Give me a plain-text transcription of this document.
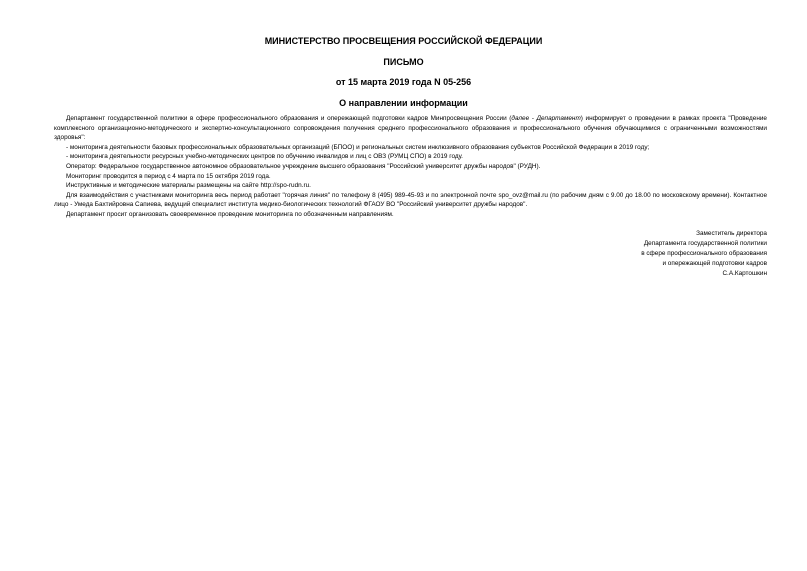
МИНИСТЕРСТВО ПРОСВЕЩЕНИЯ РОССИЙСКОЙ ФЕДЕРАЦИИ
ПИСЬМО
от 15 марта 2019 года N 05-256
О направлении информации

Департамент государственной политики в сфере профессионального образования и опережающей подготовки кадров Минпросвещения России (далее - Департамент) информирует о проведении в рамках проекта "Проведение комплексного организационно-методического и экспертно-консультационного сопровождения получения среднего профессионального образования и профессионального обучения обучающимися с ограниченными возможностями здоровья":

- мониторинга деятельности базовых профессиональных образовательных организаций (БПОО) и региональных систем инклюзивного образования субъектов Российской Федерации в 2019 году;

- мониторинга деятельности ресурсных учебно-методических центров по обучению инвалидов и лиц с ОВЗ (РУМЦ СПО) в 2019 году.

Оператор: Федеральное государственное автономное образовательное учреждение высшего образования "Российский университет дружбы народов" (РУДН).

Мониторинг проводится в период с 4 марта по 15 октября 2019 года.

Инструктивные и методические материалы размещены на сайте http://spo-rudn.ru.

Для взаимодействия с участниками мониторинга весь период работает "горячая линия" по телефону 8 (495) 989-45-93 и по электронной почте spo_ovz@mail.ru (по рабочим дням с 9.00 до 18.00 по московскому времени). Контактное лицо - Умеда Бахтийровна Сапиева, ведущий специалист института медико-биологических технологий ФГАОУ ВО "Российский университет дружбы народов".

Департамент просит организовать своевременное проведение мониторинга по обозначенным направлениям.

Заместитель директора
Департамента государственной политики
в сфере профессионального образования
и опережающей подготовки кадров
С.А.Картошкин
